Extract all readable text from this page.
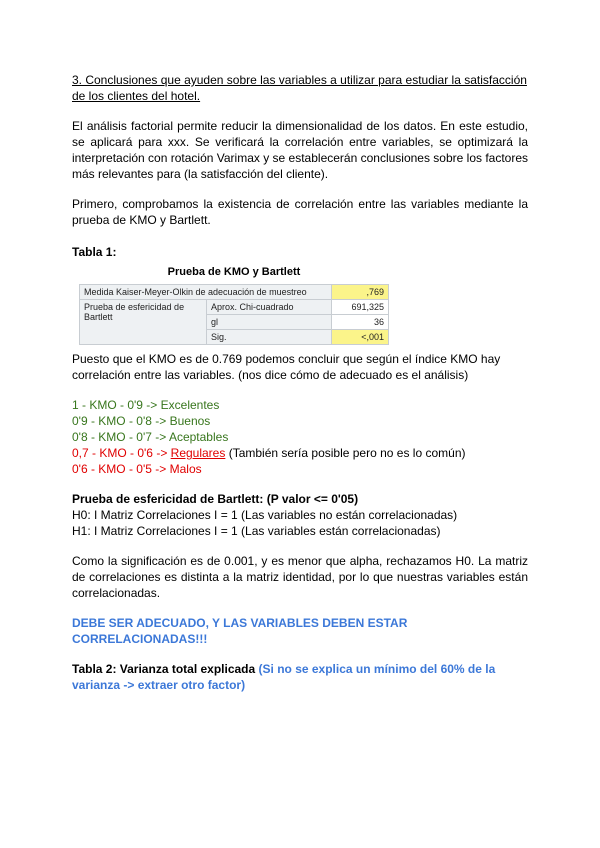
3. Conclusiones que ayuden sobre las variables a utilizar para estudiar la satisfacción de los clientes del hotel.

El análisis factorial permite reducir la dimensionalidad de los datos. En este estudio, se aplicará para xxx. Se verificará la correlación entre variables, se optimizará la interpretación con rotación Varimax y se establecerán conclusiones sobre los factores más relevantes para (la satisfacción del cliente).

Primero, comprobamos la existencia de correlación entre las variables mediante la prueba de KMO y Bartlett.

Tabla 1:

Prueba de KMO y Bartlett
Medida Kaiser-Meyer-Olkin de adecuación de muestreo		,769
Prueba de esfericidad de Bartlett	Aprox. Chi-cuadrado	691,325
	gl	36
	Sig.	<,001

Puesto que el KMO es de 0.769 podemos concluir que según el índice KMO hay correlación entre las variables. (nos dice cómo de adecuado es el análisis)

1 - KMO - 0'9 -> Excelentes

0'9 - KMO - 0'8 -> Buenos

0'8 - KMO - 0'7 -> Aceptables

0,7 - KMO - 0'6 -> Regulares (También sería posible pero no es lo común)

0'6 - KMO - 0'5 -> Malos

Prueba de esfericidad de Bartlett: (P valor <= 0'05)

H0: I Matriz Correlaciones I = 1 (Las variables no están correlacionadas)

H1: I Matriz Correlaciones I = 1 (Las variables están correlacionadas)

Como la significación es de 0.001, y es menor que alpha, rechazamos H0. La matriz de correlaciones es distinta a la matriz identidad, por lo que nuestras variables están correlacionadas.

DEBE SER ADECUADO, Y LAS VARIABLES DEBEN ESTAR CORRELACIONADAS!!!

Tabla 2: Varianza total explicada (Si no se explica un mínimo del 60% de la varianza -> extraer otro factor)
